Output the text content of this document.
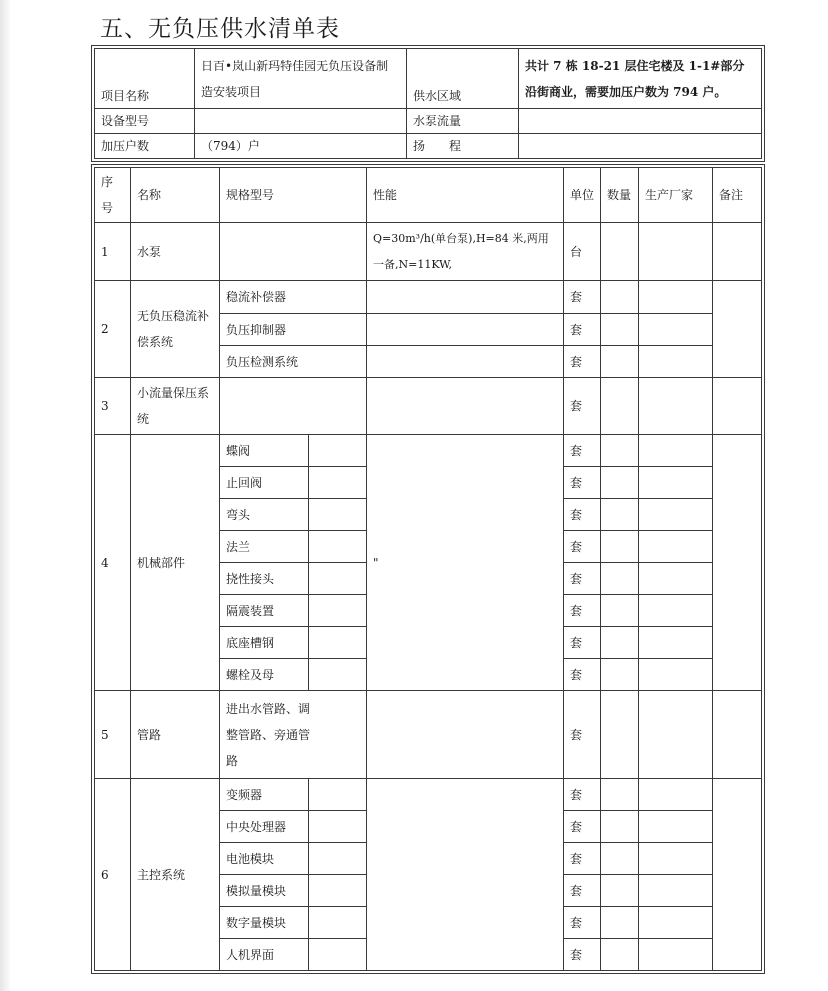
五、无负压供水清单表
项目名称	日百•岚山新玛特佳园无负压设备制造安装项目	供水区域	共计 7 栋 18-21 层住宅楼及 1-1#部分沿街商业，需要加压户数为 794 户。
设备型号		水泵流量	
加压户数	（794）户	扬　　程	
序号	名称	规格型号		性能	单位	数量	生产厂家	备注
1	水泵			Q=30m³/h(单台泵),H=84 米,两用一备,N=11KW,	台			
2	无负压稳流补偿系统	稳流补偿器			套			
		负压抑制器			套			
		负压检测系统			套			
3	小流量保压系统				套			
4	机械部件	蝶阀		"	套			
		止回阀			套			
		弯头			套			
		法兰			套			
		挠性接头			套			
		隔震装置			套			
		底座槽钢			套			
		螺栓及母			套			
5	管路	进出水管路、调整管路、旁通管路			套			
6	主控系统	变频器			套			
		中央处理器			套			
		电池模块			套			
		模拟量模块			套			
		数字量模块			套			
		人机界面			套			
